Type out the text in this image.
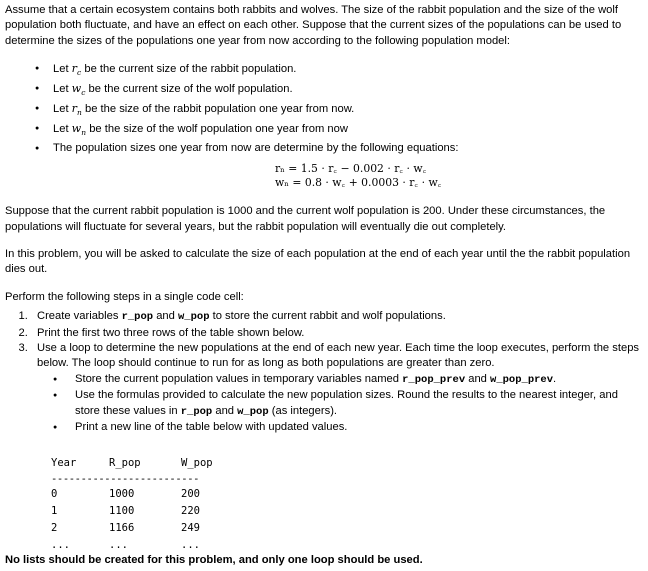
Assume that a certain ecosystem contains both rabbits and wolves. The size of the rabbit population and the size of the wolf population both fluctuate, and have an effect on each other. Suppose that the current sizes of the populations can be used to determine the sizes of the populations one year from now according to the following population model:

● Let $r_c$ be the current size of the rabbit population.
● Let $w_c$ be the current size of the wolf population.
● Let $r_n$ be the size of the rabbit population one year from now.
● Let $w_n$ be the size of the wolf population one year from now
● The population sizes one year from now are determine by the following equations:
rₙ = 1.5 · r꜀ − 0.002 · r꜀ · w꜀
wₙ = 0.8 · w꜀ + 0.0003 · r꜀ · w꜀

Suppose that the current rabbit population is 1000 and the current wolf population is 200. Under these circumstances, the populations will fluctuate for several years, but the rabbit population will eventually die out completely.

In this problem, you will be asked to calculate the size of each population at the end of each year until the the rabbit population dies out.

Perform the following steps in a single code cell:

1. Create variables r_pop and w_pop to store the current rabbit and wolf populations.
2. Print the first two three rows of the table shown below.
3. Use a loop to determine the new populations at the end of each new year. Each time the loop executes, perform the steps below. The loop should continue to run for as long as both populations are greater than zero.
● Store the current population values in temporary variables named r_pop_prev and w_pop_prev.
● Use the formulas provided to calculate the new population sizes. Round the results to the nearest integer, and store these values in r_pop and w_pop (as integers).
● Print a new line of the table below with updated values.
Year	R_pop	W_pop
-------------------------		
0	1000	200
1	1100	220
2	1166	249
...	...	...

No lists should be created for this problem, and only one loop should be used.
